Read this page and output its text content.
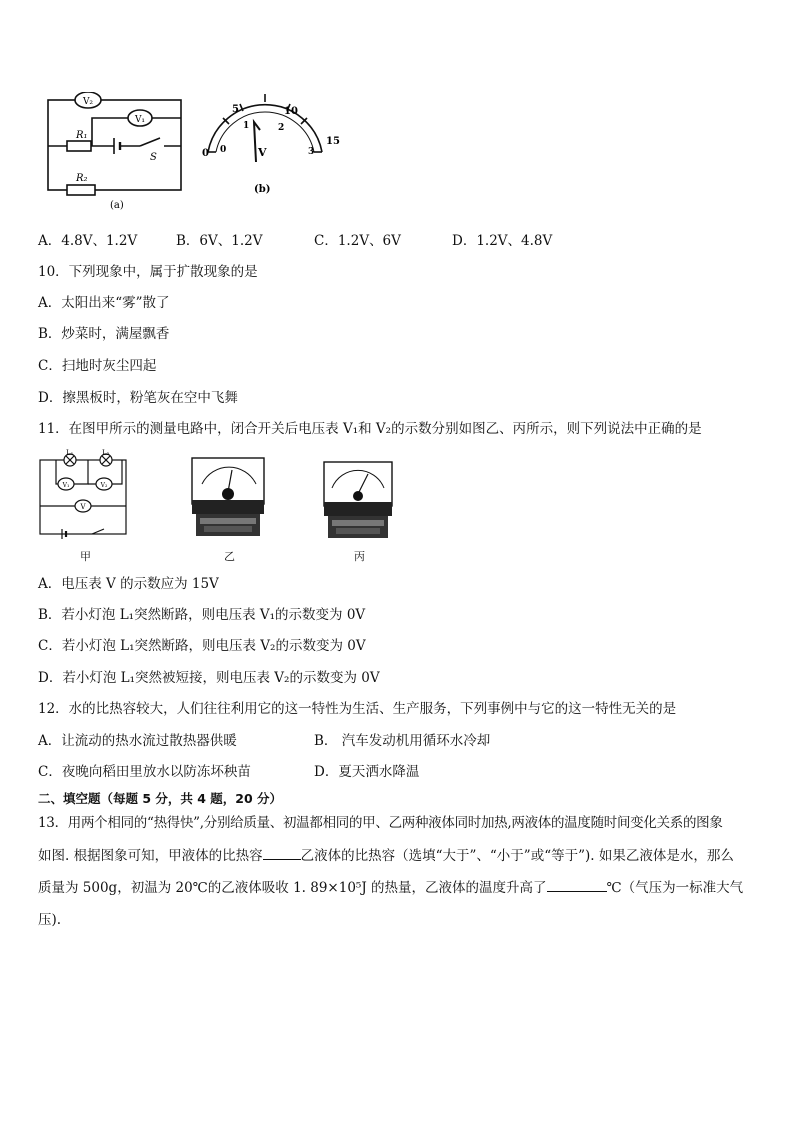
V₂
V₁
R₁
R₂
S
(a)
0
5	10
15
0
1	2
3
V
(b)
A．4.8V、1.2V	B．6V、1.2V	C．1.2V、6V	D．1.2V、4.8V
10．下列现象中，属于扩散现象的是
A．太阳出来“雾”散了
B．炒菜时，满屋飘香
C．扫地时灰尘四起
D．擦黑板时，粉笔灰在空中飞舞
11．在图甲所示的测量电路中，闭合开关后电压表 V₁和 V₂的示数分别如图乙、丙所示，则下列说法中正确的是
L₁	L₂
V₁	V₂
V
甲	乙	丙
A．电压表 V 的示数应为 15V
B．若小灯泡 L₁突然断路，则电压表 V₁的示数变为 0V
C．若小灯泡 L₁突然断路，则电压表 V₂的示数变为 0V
D．若小灯泡 L₁突然被短接，则电压表 V₂的示数变为 0V
12．水的比热容较大，人们往往利用它的这一特性为生活、生产服务，下列事例中与它的这一特性无关的是
A．让流动的热水流过散热器供暖	B． 汽车发动机用循环水冷却
C．夜晚向稻田里放水以防冻坏秧苗	D．夏天洒水降温
二、填空题（每题 5 分，共 4 题，20 分）
13．用两个相同的“热得快”,分别给质量、初温都相同的甲、乙两种液体同时加热,两液体的温度随时间变化关系的图象
如图. 根据图象可知，甲液体的比热容	乙液体的比热容（选填“大于”、“小于”或“等于”). 如果乙液体是水，那么
质量为 500g，初温为 20℃的乙液体吸收 1. 89×10⁵J 的热量，乙液体的温度升高了	℃（气压为一标准大气
压).
